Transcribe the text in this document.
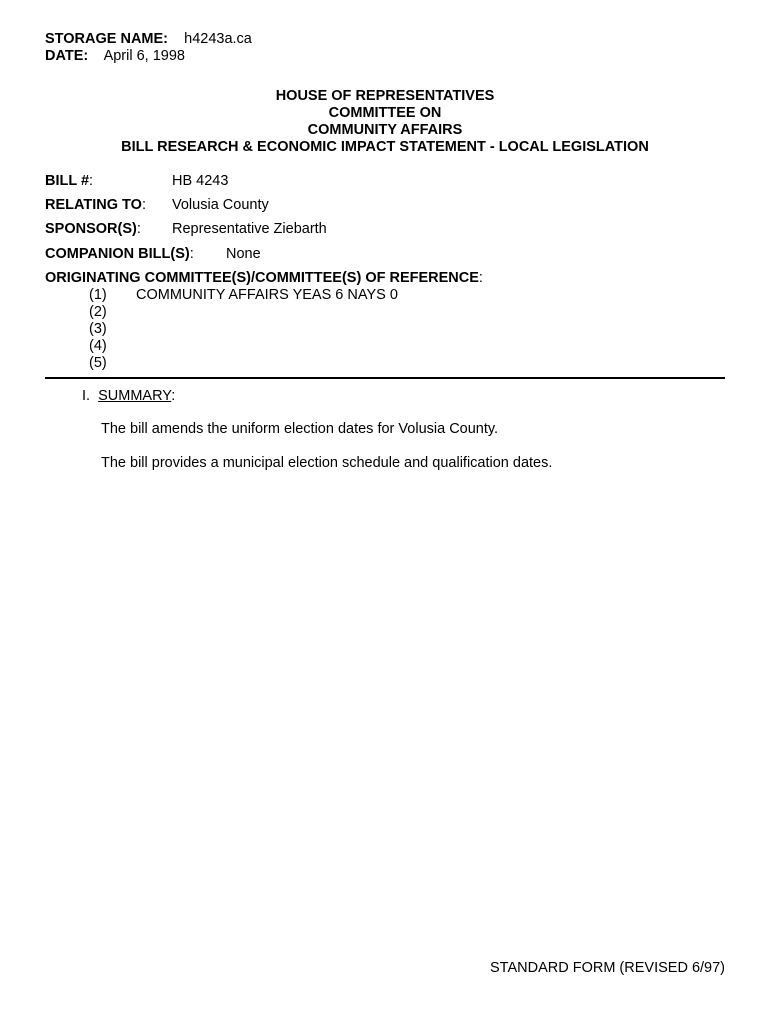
STORAGE NAME: h4243a.ca
DATE: April 6, 1998
HOUSE OF REPRESENTATIVES
COMMITTEE ON
COMMUNITY AFFAIRS
BILL RESEARCH & ECONOMIC IMPACT STATEMENT - LOCAL LEGISLATION
BILL #:	HB 4243
RELATING TO: Volusia County
SPONSOR(S): Representative Ziebarth
COMPANION BILL(S): None
ORIGINATING COMMITTEE(S)/COMMITTEE(S) OF REFERENCE:
(1) COMMUNITY AFFAIRS YEAS 6 NAYS 0
(2)
(3)
(4)
(5)
I. SUMMARY:
The bill amends the uniform election dates for Volusia County.
The bill provides a municipal election schedule and qualification dates.
STANDARD FORM (REVISED 6/97)
